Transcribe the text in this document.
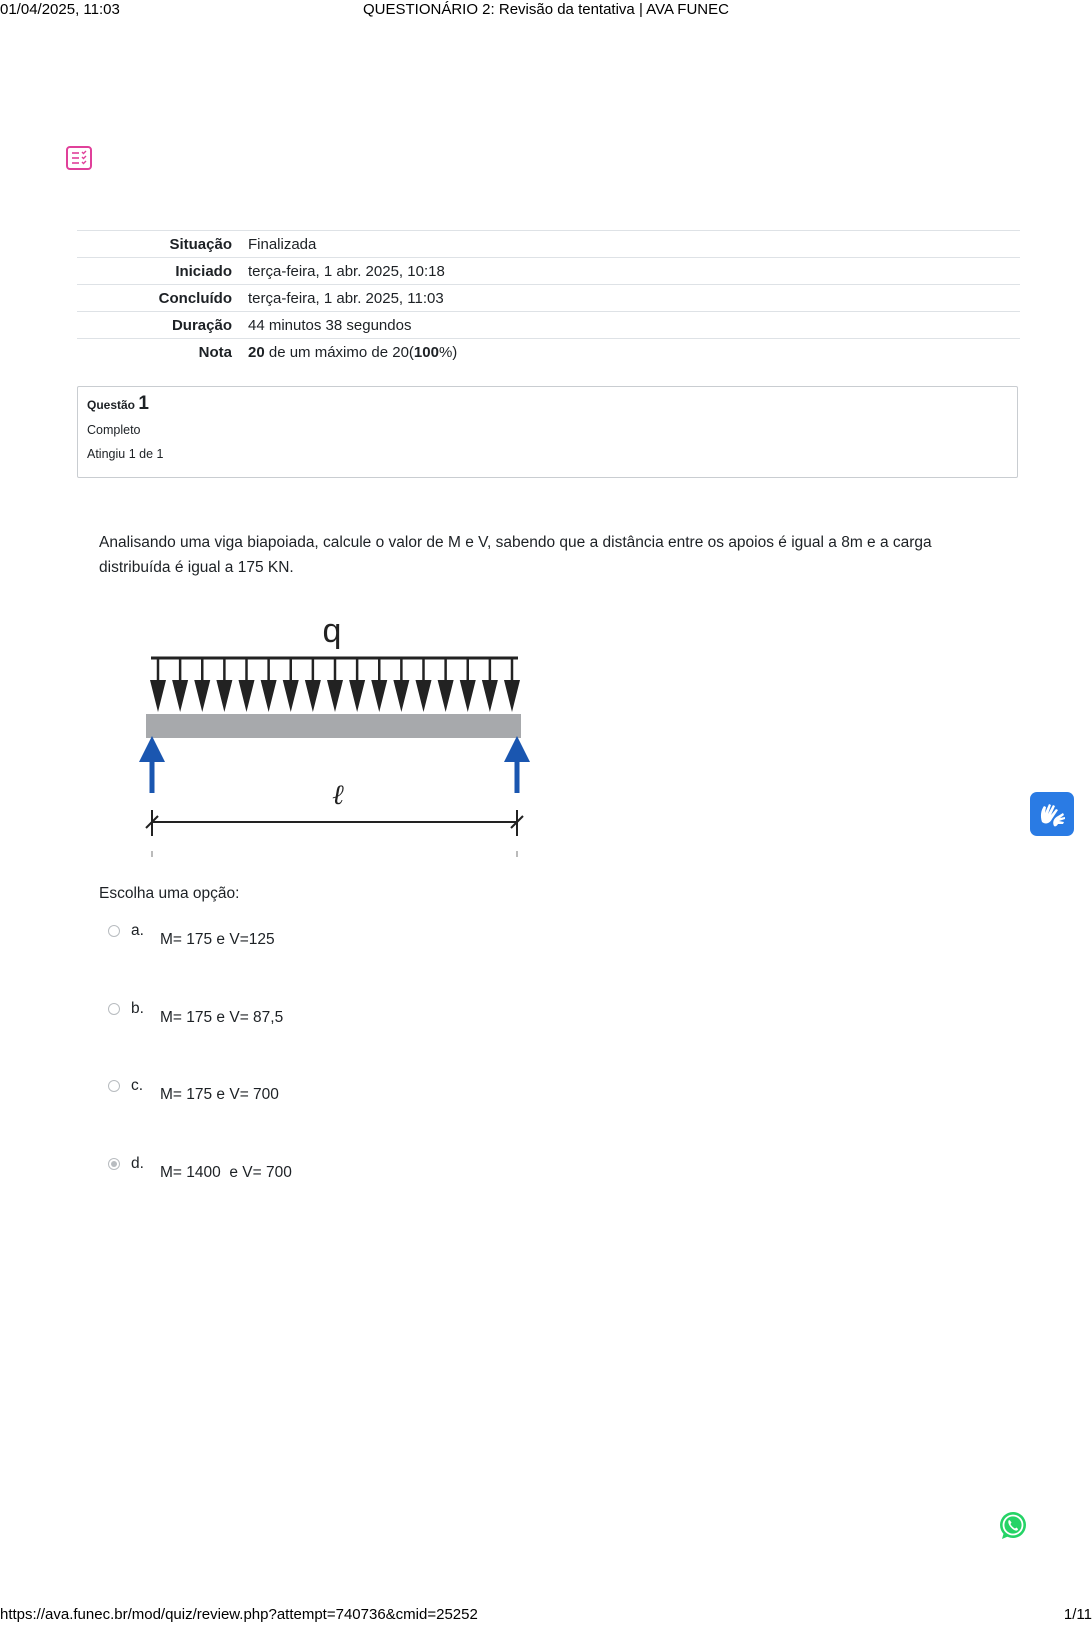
01/04/2025, 11:03	QUESTIONÁRIO 2: Revisão da tentativa | AVA FUNEC
Situação	Finalizada
Iniciado	terça-feira, 1 abr. 2025, 10:18
Concluído	terça-feira, 1 abr. 2025, 11:03
Duração	44 minutos 38 segundos
Nota	20 de um máximo de 20(100%)
Questão 1
Completo
Atingiu 1 de 1
Analisando uma viga biapoiada, calcule o valor de M e V, sabendo que a distância entre os apoios é igual a 8m e a carga distribuída é igual a 175 KN.
q
ℓ
Escolha uma opção:
a.
M= 175 e V=125
b.
M= 175 e V= 87,5
c.
M= 175 e V= 700
d.
M= 1400  e V= 700
https://ava.funec.br/mod/quiz/review.php?attempt=740736&cmid=25252	1/11
